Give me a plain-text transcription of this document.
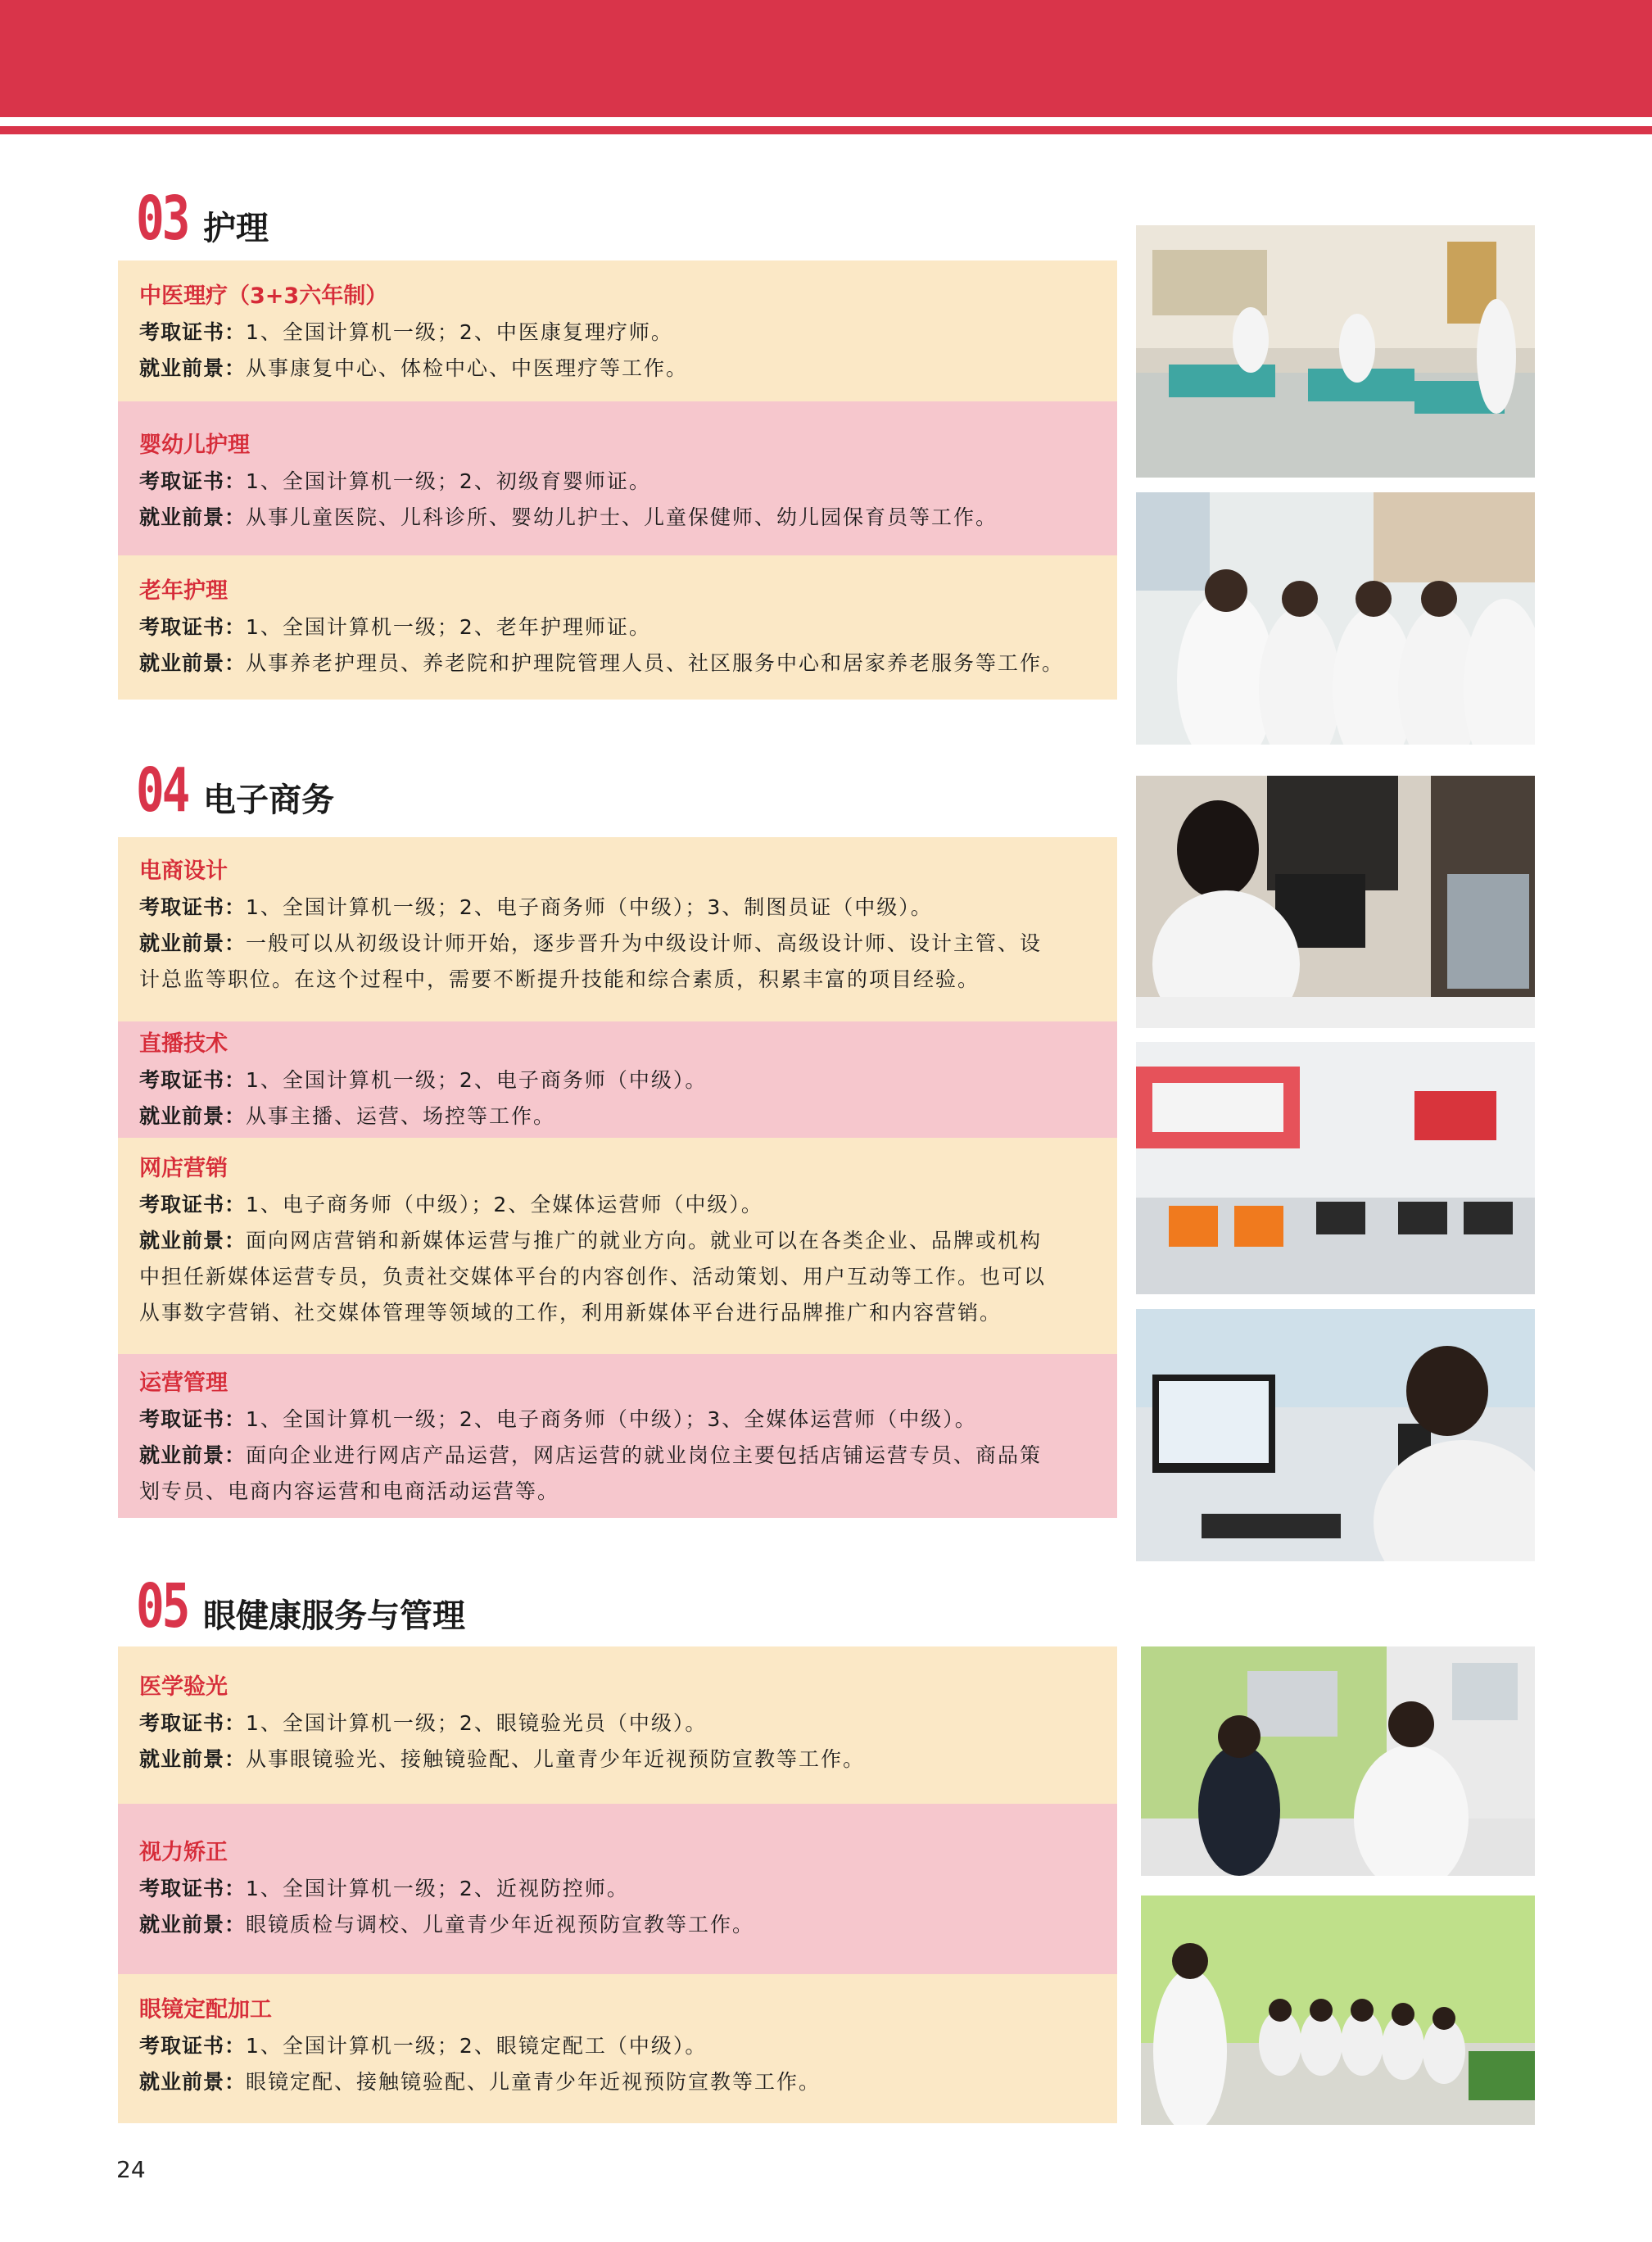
03 护理

中医理疗（3+3六年制）

考取证书：1、全国计算机一级；2、中医康复理疗师。

就业前景：从事康复中心、体检中心、中医理疗等工作。

婴幼儿护理

考取证书：1、全国计算机一级；2、初级育婴师证。

就业前景：从事儿童医院、儿科诊所、婴幼儿护士、儿童保健师、幼儿园保育员等工作。

老年护理

考取证书：1、全国计算机一级；2、老年护理师证。

就业前景：从事养老护理员、养老院和护理院管理人员、社区服务中心和居家养老服务等工作。

04 电子商务

电商设计

考取证书：1、全国计算机一级；2、电子商务师（中级）；3、制图员证（中级）。

就业前景：一般可以从初级设计师开始，逐步晋升为中级设计师、高级设计师、设计主管、设

计总监等职位。在这个过程中，需要不断提升技能和综合素质，积累丰富的项目经验。

直播技术

考取证书：1、全国计算机一级；2、电子商务师（中级）。

就业前景：从事主播、运营、场控等工作。

网店营销

考取证书：1、电子商务师（中级）；2、全媒体运营师（中级）。

就业前景：面向网店营销和新媒体运营与推广的就业方向。就业可以在各类企业、品牌或机构

中担任新媒体运营专员，负责社交媒体平台的内容创作、活动策划、用户互动等工作。也可以

从事数字营销、社交媒体管理等领域的工作，利用新媒体平台进行品牌推广和内容营销。

运营管理

考取证书：1、全国计算机一级；2、电子商务师（中级）；3、全媒体运营师（中级）。

就业前景：面向企业进行网店产品运营，网店运营的就业岗位主要包括店铺运营专员、商品策

划专员、电商内容运营和电商活动运营等。

05 眼健康服务与管理

医学验光

考取证书：1、全国计算机一级；2、眼镜验光员（中级）。

就业前景：从事眼镜验光、接触镜验配、儿童青少年近视预防宣教等工作。

视力矫正

考取证书：1、全国计算机一级；2、近视防控师。

就业前景：眼镜质检与调校、儿童青少年近视预防宣教等工作。

眼镜定配加工

考取证书：1、全国计算机一级；2、眼镜定配工（中级）。

就业前景：眼镜定配、接触镜验配、儿童青少年近视预防宣教等工作。

24
